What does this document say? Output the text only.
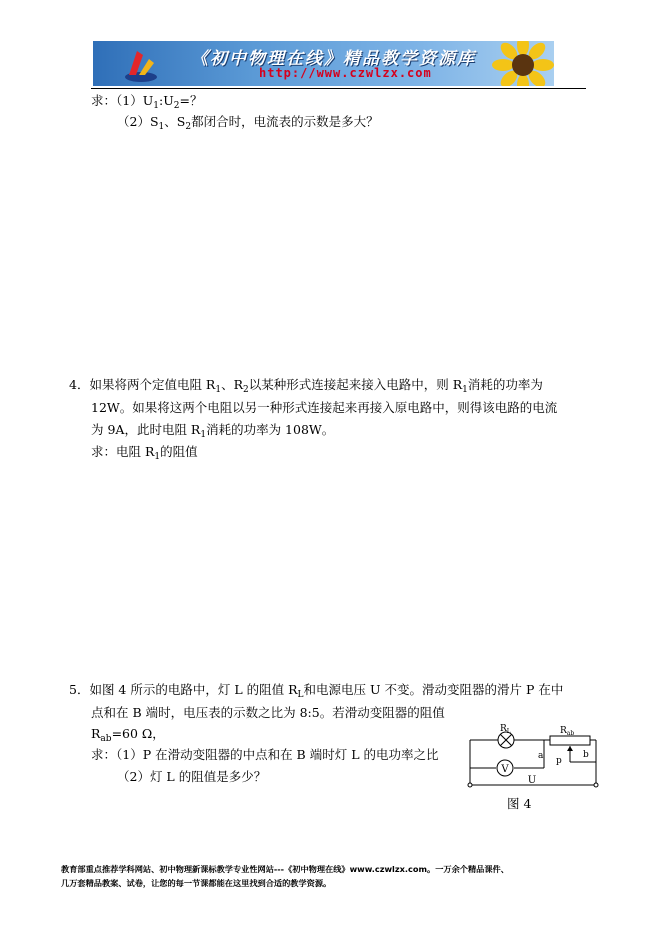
《初中物理在线》精品教学资源库
http://www.czwlzx.com
求：$(1)U_1:U_2=$？
$(2)S_1$、$S_2$都闭合时，电流表的示数是多大？
4．如果将两个定值电阻 $R_1$、$R_2$以某种形式连接起来接入电路中，则 $R_1$消耗的功率为
12W。如果将这两个电阻以另一种形式连接起来再接入原电路中，则得该电路的电流
为 9A，此时电阻 $R_1$消耗的功率为 108W。
求：电阻 $R_1$的阻值
5．如图 4 所示的电路中，灯 L 的阻值 $R_L$和电源电压 U 不变。滑动变阻器的滑片 P 在中
点和在 B 端时，电压表的示数之比为 8:5。若滑动变阻器的阻值
$R_{ab}=60$ Ω，
求：（1）P 在滑动变阻器的中点和在 B 端时灯 L 的电功率之比
（2）灯 L 的阻值是多少？	V
$R_L$	$R_{ab}$
a p
b
U
图 4
教育部重点推荐学科网站、初中物理新课标教学专业性网站---《初中物理在线》www.czwlzx.com。一万余个精品课件、
几万套精品教案、试卷，让您的每一节课都能在这里找到合适的教学资源。
